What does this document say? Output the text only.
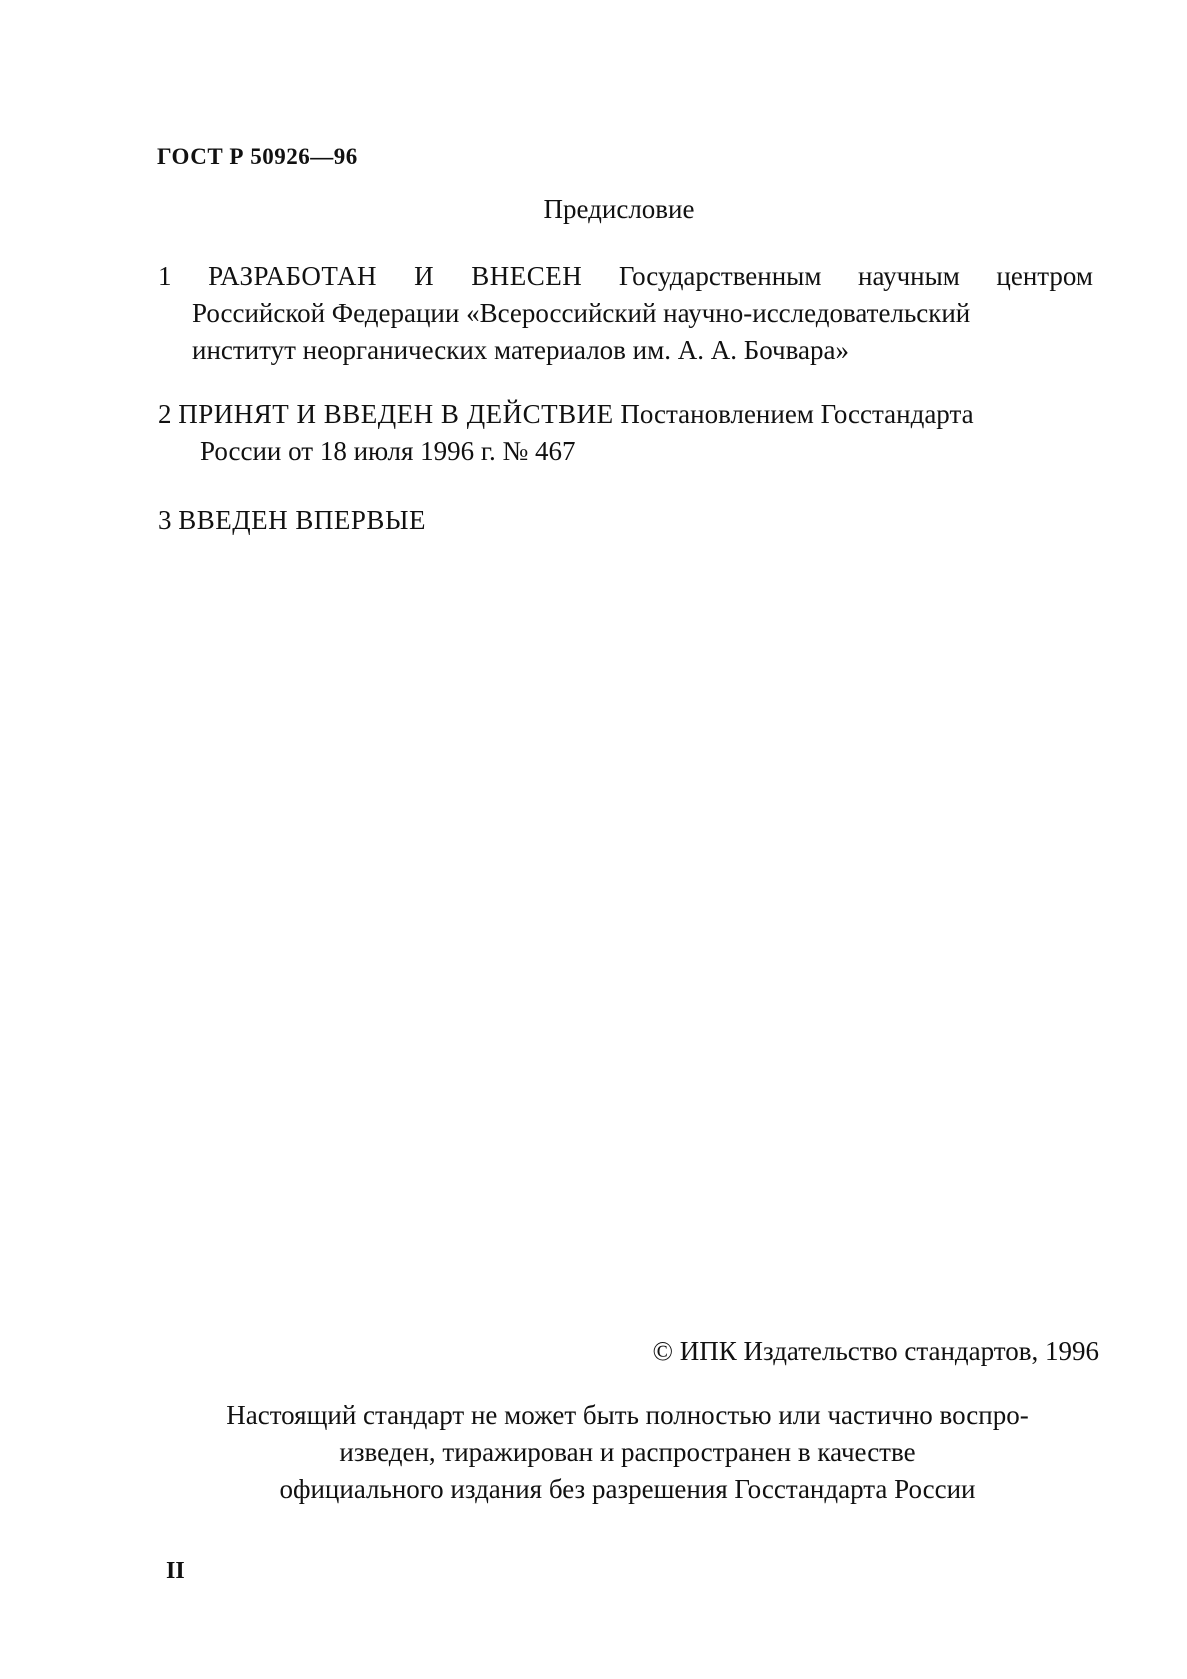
ГОСТ Р 50926—96
Предисловие
1 РАЗРАБОТАН И ВНЕСЕН Государственным научным центром
Российской Федерации «Всероссийский научно-исследовательский
институт неорганических материалов им. А. А. Бочвара»
2 ПРИНЯТ И ВВЕДЕН В ДЕЙСТВИЕ Постановлением Госстандарта
России от 18 июля 1996 г. № 467
3 ВВЕДЕН ВПЕРВЫЕ
© ИПК Издательство стандартов, 1996
Настоящий стандарт не может быть полностью или частично воспро-
изведен, тиражирован и распространен в качестве
официального издания без разрешения Госстандарта России
II
